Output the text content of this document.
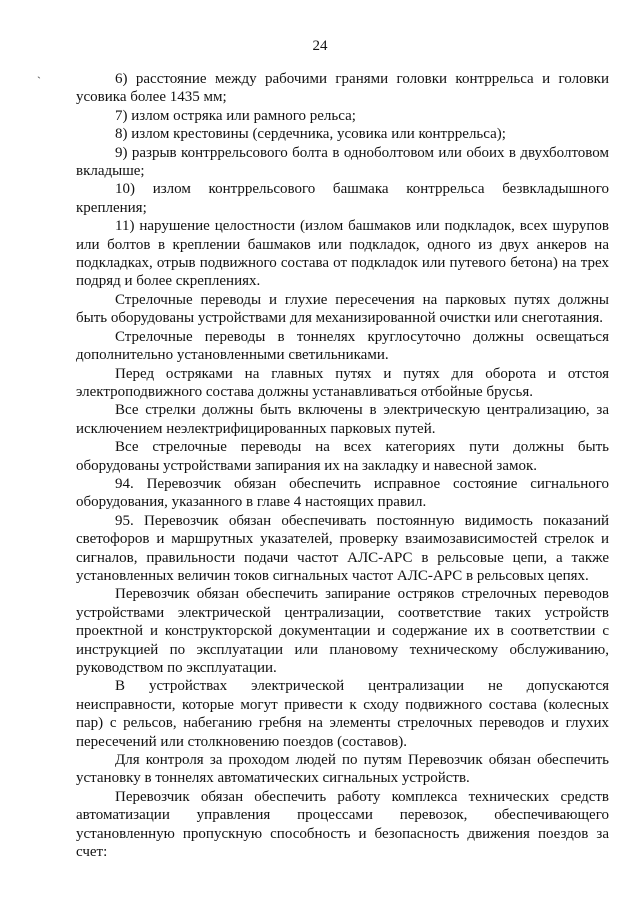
24
`	6) расстояние между рабочими гранями головки контррельса и головки усовика более 1435 мм;

7) излом остряка или рамного рельса;

8) излом крестовины (сердечника, усовика или контррельса);

9) разрыв контррельсового болта в однoболтовом или обоих в двухболтовом вкладыше;

10) излом контррельсового башмака контррельса безвкладышного крепления;

11) нарушение целостности (излом башмаков или подкладок, всех шурупов или болтов в креплении башмаков или подкладок, одного из двух анкеров на подкладках, отрыв подвижного состава от подкладок или путевого бетона) на трех подряд и более скреплениях.

Стрелочные переводы и глухие пересечения на парковых путях должны быть оборудованы устройствами для механизированной очистки или снеготаяния.

Стрелочные переводы в тоннелях круглосуточно должны освещаться дополнительно установленными светильниками.

Перед остряками на главных путях и путях для оборота и отстоя электроподвижного состава должны устанавливаться отбойные брусья.

Все стрелки должны быть включены в электрическую централизацию, за исключением неэлектрифицированных парковых путей.

Все стрелочные переводы на всех категориях пути должны быть оборудованы устройствами запирания их на закладку и навесной замок.

94. Перевозчик обязан обеспечить исправное состояние сигнального оборудования, указанного в главе 4 настоящих правил.

95. Перевозчик обязан обеспечивать постоянную видимость показаний светофоров и маршрутных указателей, проверку взаимозависимостей стрелок и сигналов, правильности подачи частот АЛС-АРС в рельсовые цепи, а также установленных величин токов сигнальных частот АЛС-АРС в рельсовых цепях.

Перевозчик обязан обеспечить запирание остряков стрелочных переводов устройствами электрической централизации, соответствие таких устройств проектной и конструкторской документации и содержание их в соответствии с инструкцией по эксплуатации или плановому техническому обслуживанию, руководством по эксплуатации.

В устройствах электрической централизации не допускаются неисправности, которые могут привести к сходу подвижного состава (колесных пар) с рельсов, набеганию гребня на элементы стрелочных переводов и глухих пересечений или столкновению поездов (составов).

Для контроля за проходом людей по путям Перевозчик обязан обеспечить установку в тоннелях автоматических сигнальных устройств.

Перевозчик обязан обеспечить работу комплекса технических средств автоматизации управления процессами перевозок, обеспечивающего установленную пропускную способность и безопасность движения поездов за счет:
